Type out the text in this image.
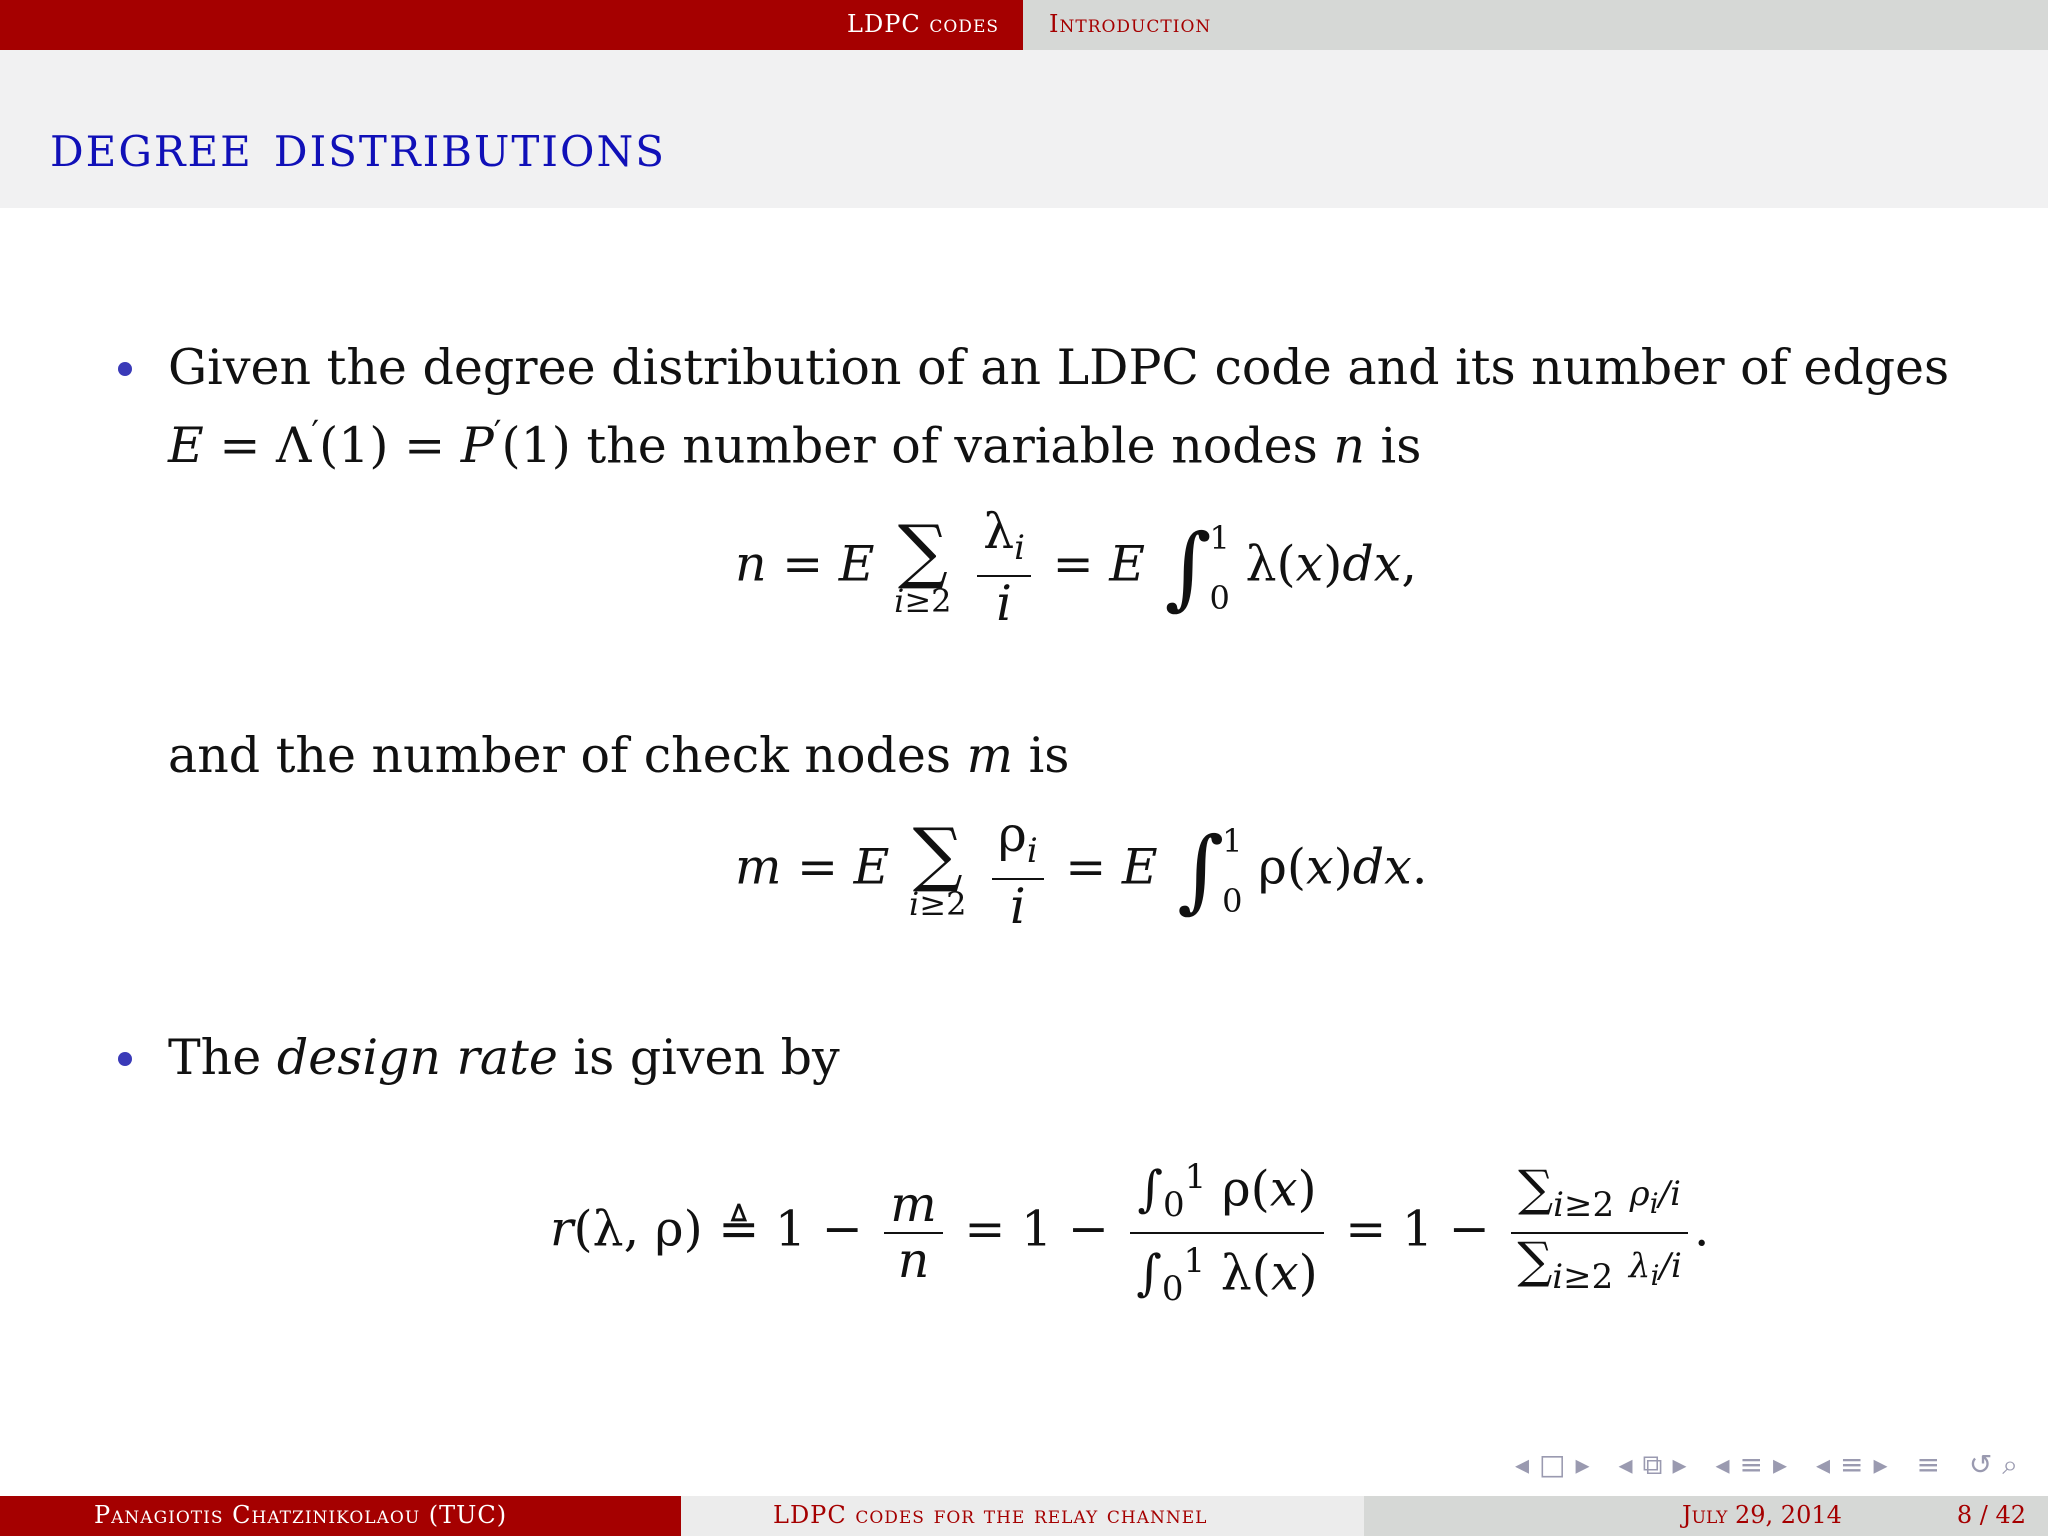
LDPC codes Introduction
degree distributions
Given the degree distribution of an LDPC code and its number of edges
E = Λ′(1) = P′(1) the number of variable nodes n is
n = E ∑
i≥2
$\frac{\lambda_i}{i} = E$ ∫
1
0
λ(x)dx,
and the number of check nodes m is
m = E ∑
i≥2
$\frac{\rho_i}{i} = E$ ∫
1
0
ρ(x)dx.
The design rate is given by
r(λ, ρ) ≜ $1 - \frac{m}{n} = 1 - \frac{\int_0^1 \rho(x)}{\int_0^1 \lambda(x)} = 1 - \frac{\sum_{i\ge 2} \rho_i/i}{\sum_{i\ge 2} \lambda_i/i}$ .
◂□▸ ◂⧉▸ ◂≡▸ ◂≡▸ ≡ ↺⌕
Panagiotis Chatzinikolaou (TUC)	LDPC codes for the relay channel	July 29, 2014	8 / 42
